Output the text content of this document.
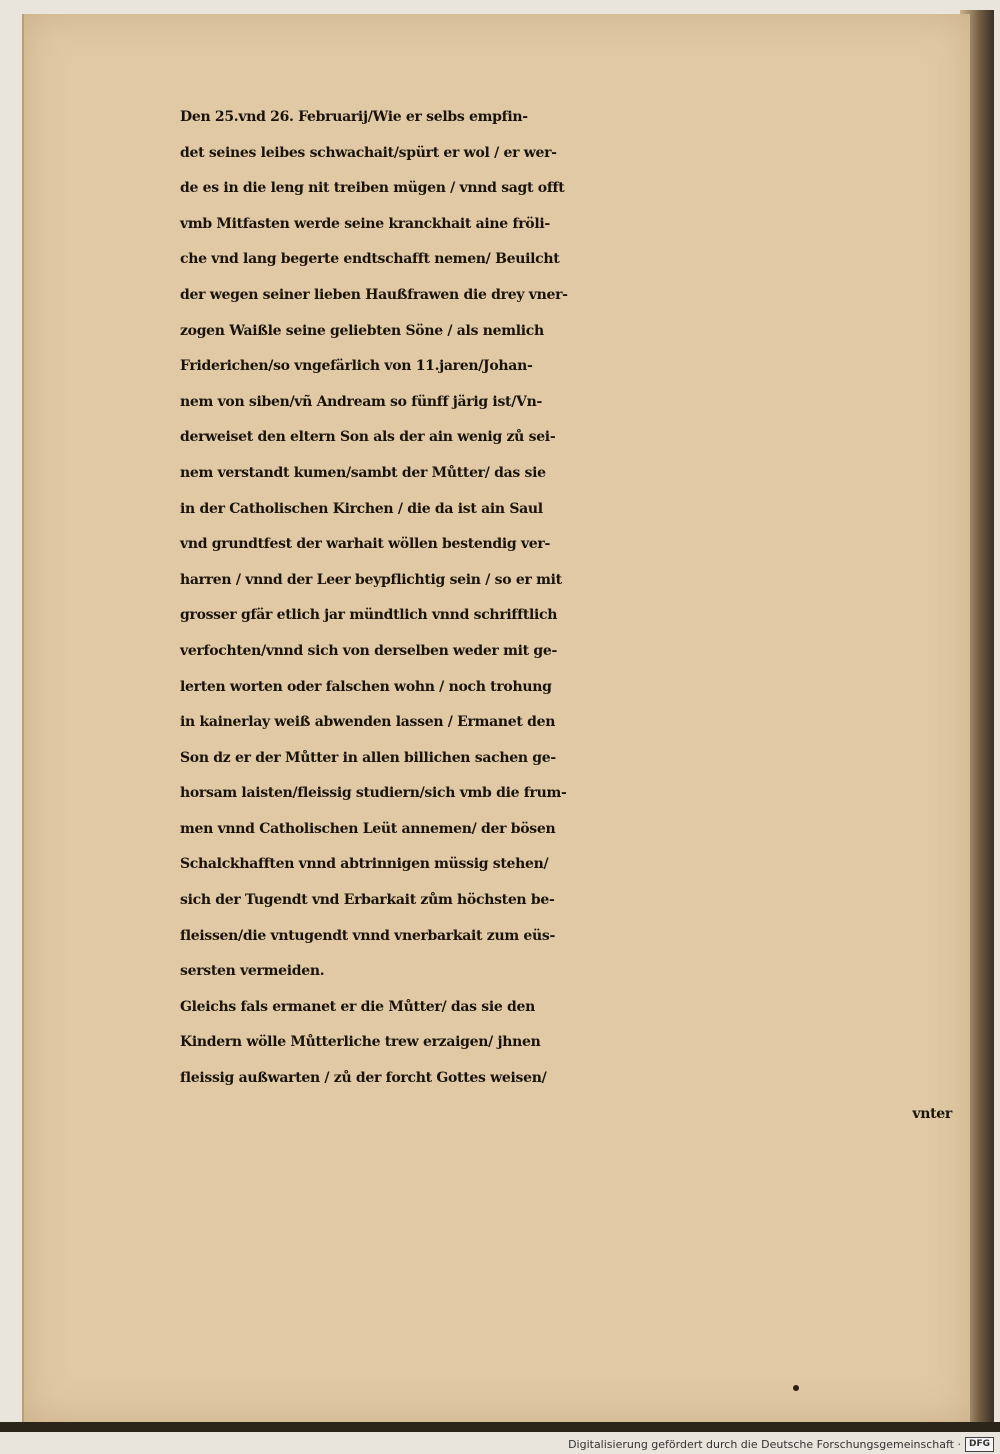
Den 25.vnd 26. Februarij/Wie er selbs empfin-
det seines leibes schwachait/spürt er wol / er wer-
de es in die leng nit treiben mügen / vnnd sagt offt
vmb Mitfasten werde seine kranckhait aine fröli-
che vnd lang begerte endtschafft nemen/ Beuilcht
der wegen seiner lieben Haußfrawen die drey vner-
zogen Waißle seine geliebten Söne / als nemlich
Friderichen/so vngefärlich von 11.jaren/Johan-
nem von siben/vñ Andream so fünff järig ist/Vn-
derweiset den eltern Son als der ain wenig zů sei-
nem verstandt kumen/sambt der Můtter/ das sie
in der Catholischen Kirchen / die da ist ain Saul
vnd grundtfest der warhait wöllen bestendig ver-
harren / vnnd der Leer beypflichtig sein / so er mit
grosser gfär etlich jar mündtlich vnnd schrifftlich
verfochten/vnnd sich von derselben weder mit ge-
lerten worten oder falschen wohn / noch trohung
in kainerlay weiß abwenden lassen / Ermanet den
Son dz er der Můtter in allen billichen sachen ge-
horsam laisten/fleissig studiern/sich vmb die frum-
men vnnd Catholischen Leüt annemen/ der bösen
Schalckhafften vnnd abtrinnigen müssig stehen/
sich der Tugendt vnd Erbarkait zům höchsten be-
fleissen/die vntugendt vnnd vnerbarkait zum eüs-
sersten vermeiden.
Gleichs fals ermanet er die Můtter/ das sie den
Kindern wölle Můtterliche trew erzaigen/ jhnen
fleissig außwarten / zů der forcht Gottes weisen/
vnter
Digitalisierung gefördert durch die Deutsche Forschungsgemeinschaft · DFG
